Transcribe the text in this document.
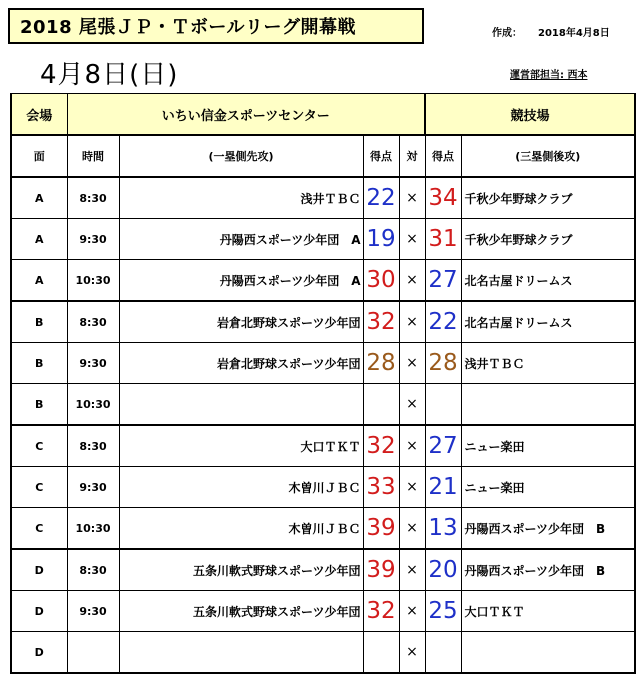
2018 尾張ＪＰ・Ｔボールリーグ開幕戦	作成： 2018年4月8日
4月8日(日)	運営部担当: 西本
会場	いちい信金スポーツセンター				競技場	
面	時間	(一塁側先攻)	得点	対	得点	(三塁側後攻)
A	8:30	浅井ＴＢＣ	22	×	34	千秋少年野球クラブ
A	9:30	丹陽西スポーツ少年団　A	19	×	31	千秋少年野球クラブ
A	10:30	丹陽西スポーツ少年団　A	30	×	27	北名古屋ドリームス
B	8:30	岩倉北野球スポーツ少年団	32	×	22	北名古屋ドリームス
B	9:30	岩倉北野球スポーツ少年団	28	×	28	浅井ＴＢＣ
B	10:30			×		
C	8:30	大口ＴＫＴ	32	×	27	ニュー楽田
C	9:30	木曽川ＪＢＣ	33	×	21	ニュー楽田
C	10:30	木曽川ＪＢＣ	39	×	13	丹陽西スポーツ少年団　B
D	8:30	五条川軟式野球スポーツ少年団	39	×	20	丹陽西スポーツ少年団　B
D	9:30	五条川軟式野球スポーツ少年団	32	×	25	大口ＴＫＴ
D				×		
